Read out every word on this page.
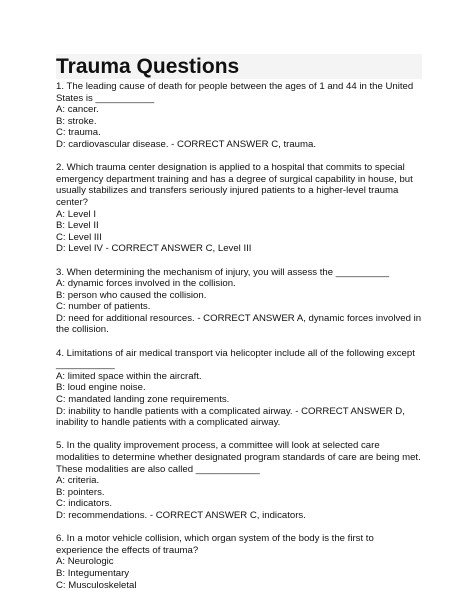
Trauma Questions

1. The leading cause of death for people between the ages of 1 and 44 in the United States is ___________

A: cancer.

B: stroke.

C: trauma.

D: cardiovascular disease. - CORRECT ANSWER C, trauma.

2. Which trauma center designation is applied to a hospital that commits to special emergency department training and has a degree of surgical capability in house, but usually stabilizes and transfers seriously injured patients to a higher-level trauma center?

A: Level I

B: Level II

C: Level III

D: Level IV - CORRECT ANSWER C, Level III

3. When determining the mechanism of injury, you will assess the __________

A: dynamic forces involved in the collision.

B: person who caused the collision.

C: number of patients.

D: need for additional resources. - CORRECT ANSWER A, dynamic forces involved in the collision.

4. Limitations of air medical transport via helicopter include all of the following except ___________

A: limited space within the aircraft.

B: loud engine noise.

C: mandated landing zone requirements.

D: inability to handle patients with a complicated airway. - CORRECT ANSWER D, inability to handle patients with a complicated airway.

5. In the quality improvement process, a committee will look at selected care modalities to determine whether designated program standards of care are being met. These modalities are also called ____________

A: criteria.

B: pointers.

C: indicators.

D: recommendations. - CORRECT ANSWER C, indicators.

6. In a motor vehicle collision, which organ system of the body is the first to experience the effects of trauma?

A: Neurologic

B: Integumentary

C: Musculoskeletal
